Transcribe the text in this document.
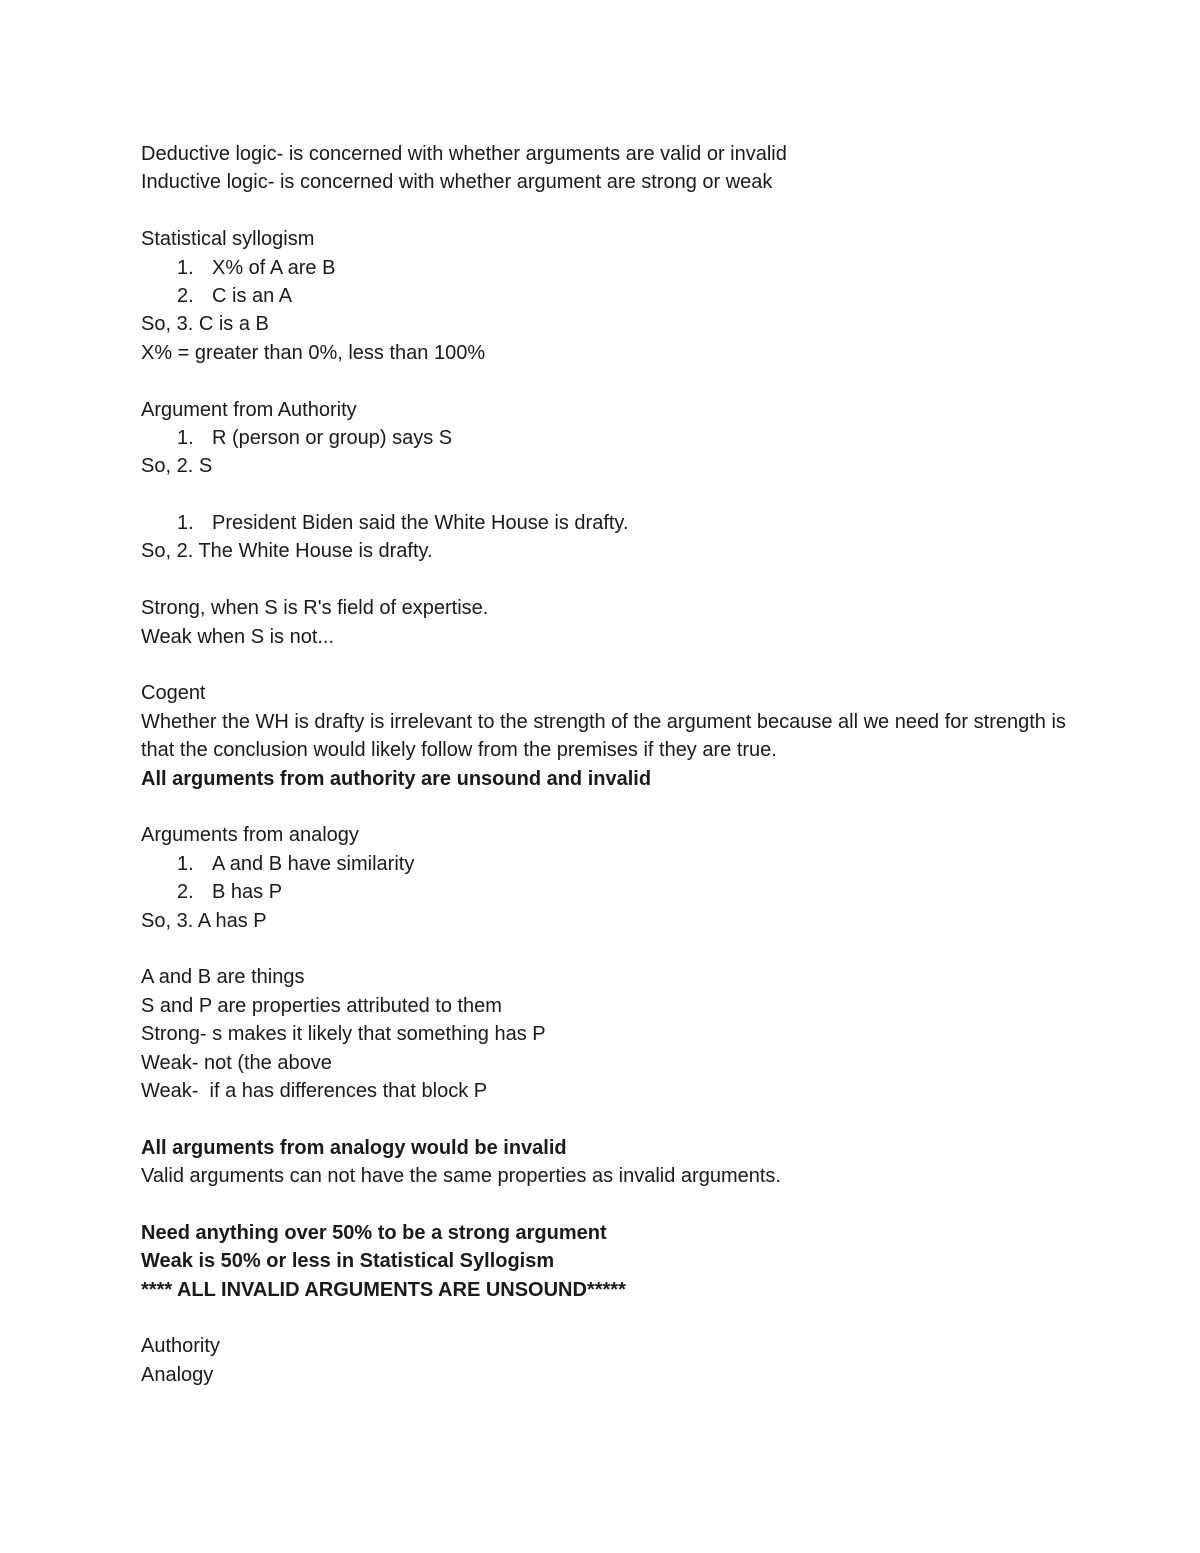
Deductive logic- is concerned with whether arguments are valid or invalid
Inductive logic- is concerned with whether argument are strong or weak
Statistical syllogism
1. X% of A are B
2. C is an A
So, 3. C is a B
X% = greater than 0%, less than 100%
Argument from Authority
1. R (person or group) says S
So, 2. S
1. President Biden said the White House is drafty.
So, 2. The White House is drafty.
Strong, when S is R's field of expertise.
Weak when S is not...
Cogent
Whether the WH is drafty is irrelevant to the strength of the argument because all we need for strength is that the conclusion would likely follow from the premises if they are true.
All arguments from authority are unsound and invalid
Arguments from analogy
1. A and B have similarity
2. B has P
So, 3. A has P
A and B are things
S and P are properties attributed to them
Strong- s makes it likely that something has P
Weak- not (the above
Weak-  if a has differences that block P
All arguments from analogy would be invalid
Valid arguments can not have the same properties as invalid arguments.
Need anything over 50% to be a strong argument
Weak is 50% or less in Statistical Syllogism
**** ALL INVALID ARGUMENTS ARE UNSOUND*****
Authority
Analogy
